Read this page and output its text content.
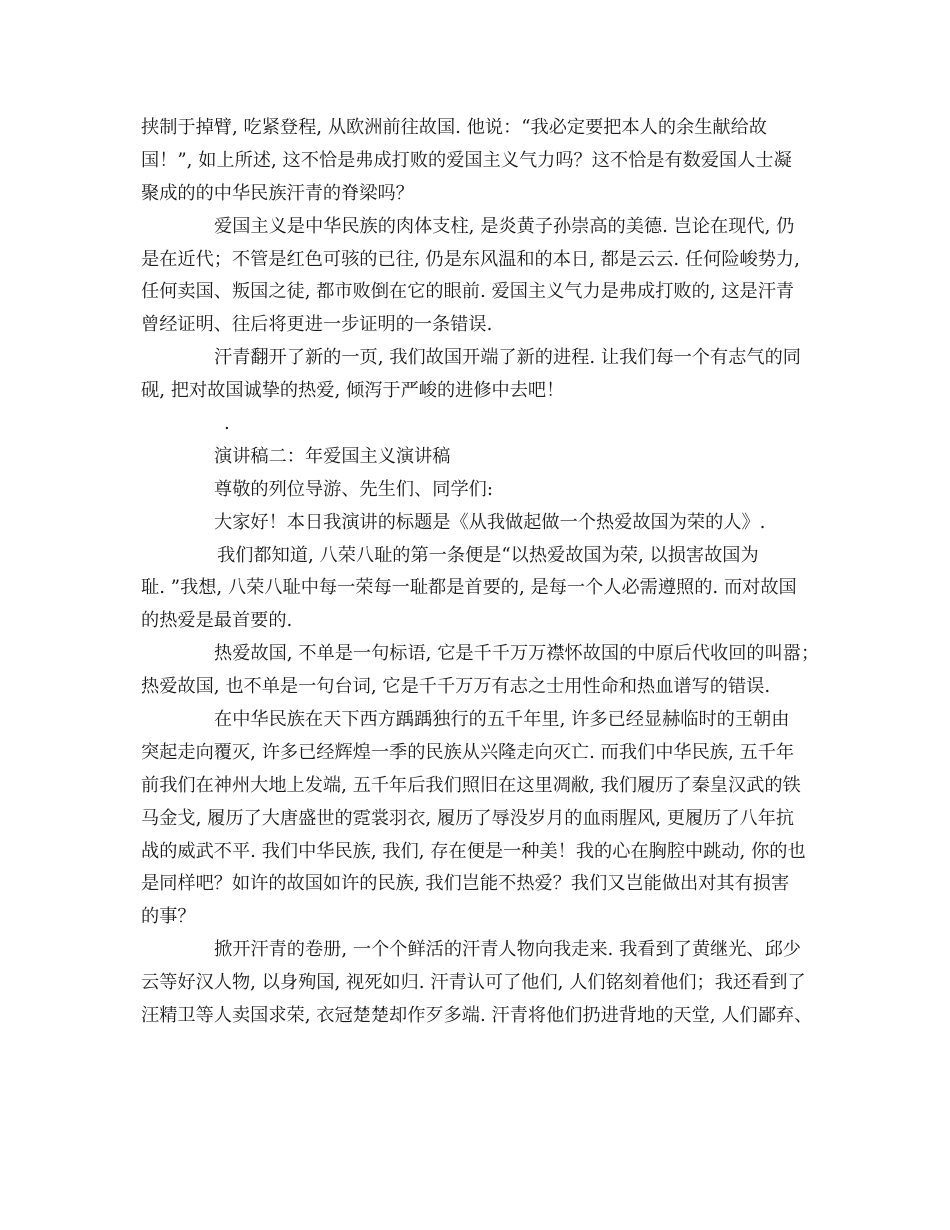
挟制于掉臂, 吃紧登程, 从欧洲前往故国. 他说：“我必定要把本人的余生献给故
国！”, 如上所述, 这不恰是弗成打败的爱国主义气力吗？这不恰是有数爱国人士凝
聚成的的中华民族汗青的脊梁吗？
爱国主义是中华民族的肉体支柱, 是炎黄子孙崇高的美德. 岂论在现代, 仍
是在近代；不管是红色可骇的已往, 仍是东风温和的本日, 都是云云. 任何险峻势力,
任何卖国、叛国之徒, 都市败倒在它的眼前. 爱国主义气力是弗成打败的, 这是汗青
曾经证明、往后将更进一步证明的一条错误.
汗青翻开了新的一页, 我们故国开端了新的进程. 让我们每一个有志气的同
砚, 把对故国诚挚的热爱, 倾泻于严峻的进修中去吧！
.
演讲稿二：年爱国主义演讲稿
尊敬的列位导游、先生们、同学们:
大家好！本日我演讲的标题是《从我做起做一个热爱故国为荣的人》.
我们都知道, 八荣八耻的第一条便是“以热爱故国为荣, 以损害故国为
耻. ”我想, 八荣八耻中每一荣每一耻都是首要的, 是每一个人必需遵照的. 而对故国
的热爱是最首要的.
热爱故国, 不单是一句标语, 它是千千万万襟怀故国的中原后代收回的叫嚣；
热爱故国, 也不单是一句台词, 它是千千万万有志之士用性命和热血谱写的错误.
在中华民族在天下西方踽踽独行的五千年里, 许多已经显赫临时的王朝由
突起走向覆灭, 许多已经辉煌一季的民族从兴隆走向灭亡. 而我们中华民族, 五千年
前我们在神州大地上发端, 五千年后我们照旧在这里凋敝, 我们履历了秦皇汉武的铁
马金戈, 履历了大唐盛世的霓裳羽衣, 履历了辱没岁月的血雨腥风, 更履历了八年抗
战的威武不平. 我们中华民族, 我们, 存在便是一种美！我的心在胸腔中跳动, 你的也
是同样吧？如许的故国如许的民族, 我们岂能不热爱？我们又岂能做出对其有损害
的事？
掀开汗青的卷册, 一个个鲜活的汗青人物向我走来. 我看到了黄继光、邱少
云等好汉人物, 以身殉国, 视死如归. 汗青认可了他们, 人们铭刻着他们；我还看到了
汪精卫等人卖国求荣, 衣冠楚楚却作歹多端. 汗青将他们扔进背地的天堂, 人们鄙弃、
